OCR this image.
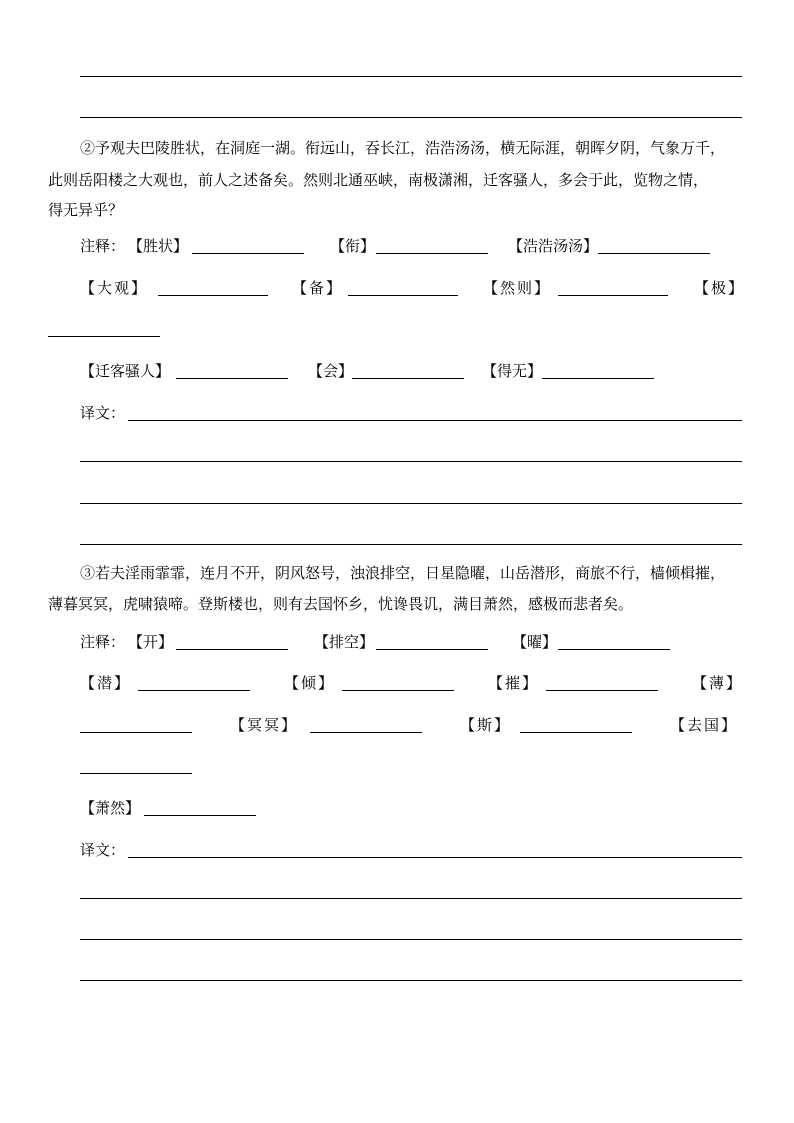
②予观夫巴陵胜状，在洞庭一湖。衔远山，吞长江，浩浩汤汤，横无际涯，朝晖夕阴，气象万千，
此则岳阳楼之大观也，前人之述备矣。然则北通巫峡，南极潇湘，迁客骚人，多会于此，览物之情，
得无异乎？
注释： 【胜状】	【衔】	【浩浩汤汤】
【大观】	【备】	【然则】	【极】
【迁客骚人】	【会】	【得无】
译文：
③若夫淫雨霏霏，连月不开，阴风怒号，浊浪排空，日星隐曜，山岳潜形，商旅不行，樯倾楫摧，
薄暮冥冥，虎啸猿啼。登斯楼也，则有去国怀乡，忧谗畏讥，满目萧然，感极而悲者矣。
注释： 【开】	【排空】	【曜】
【潜】	【倾】	【摧】	【薄】
【冥冥】	【斯】	【去国】
【萧然】
译文：
